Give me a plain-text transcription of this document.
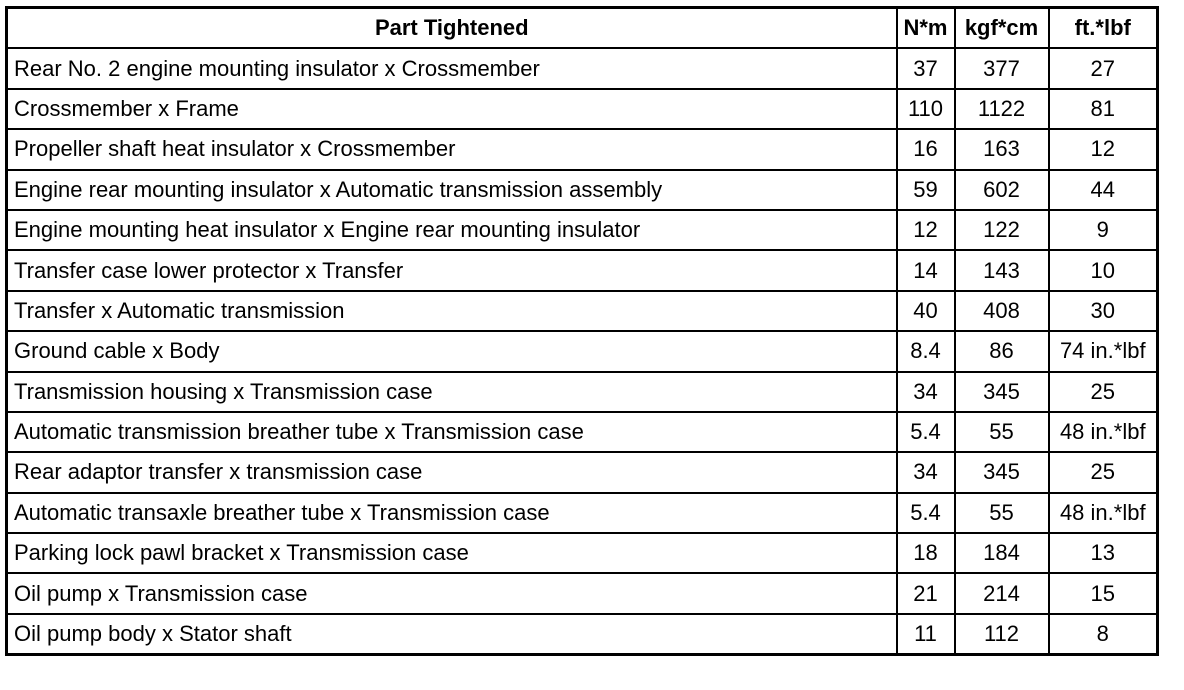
Part Tightened	N*m	kgf*cm	ft.*lbf
Rear No. 2 engine mounting insulator x Crossmember	37	377	27
Crossmember x Frame	110	1122	81
Propeller shaft heat insulator x Crossmember	16	163	12
Engine rear mounting insulator x Automatic transmission assembly	59	602	44
Engine mounting heat insulator x Engine rear mounting insulator	12	122	9
Transfer case lower protector x Transfer	14	143	10
Transfer x Automatic transmission	40	408	30
Ground cable x Body	8.4	86	74 in.*lbf
Transmission housing x Transmission case	34	345	25
Automatic transmission breather tube x Transmission case	5.4	55	48 in.*lbf
Rear adaptor transfer x transmission case	34	345	25
Automatic transaxle breather tube x Transmission case	5.4	55	48 in.*lbf
Parking lock pawl bracket x Transmission case	18	184	13
Oil pump x Transmission case	21	214	15
Oil pump body x Stator shaft	11	112	8
